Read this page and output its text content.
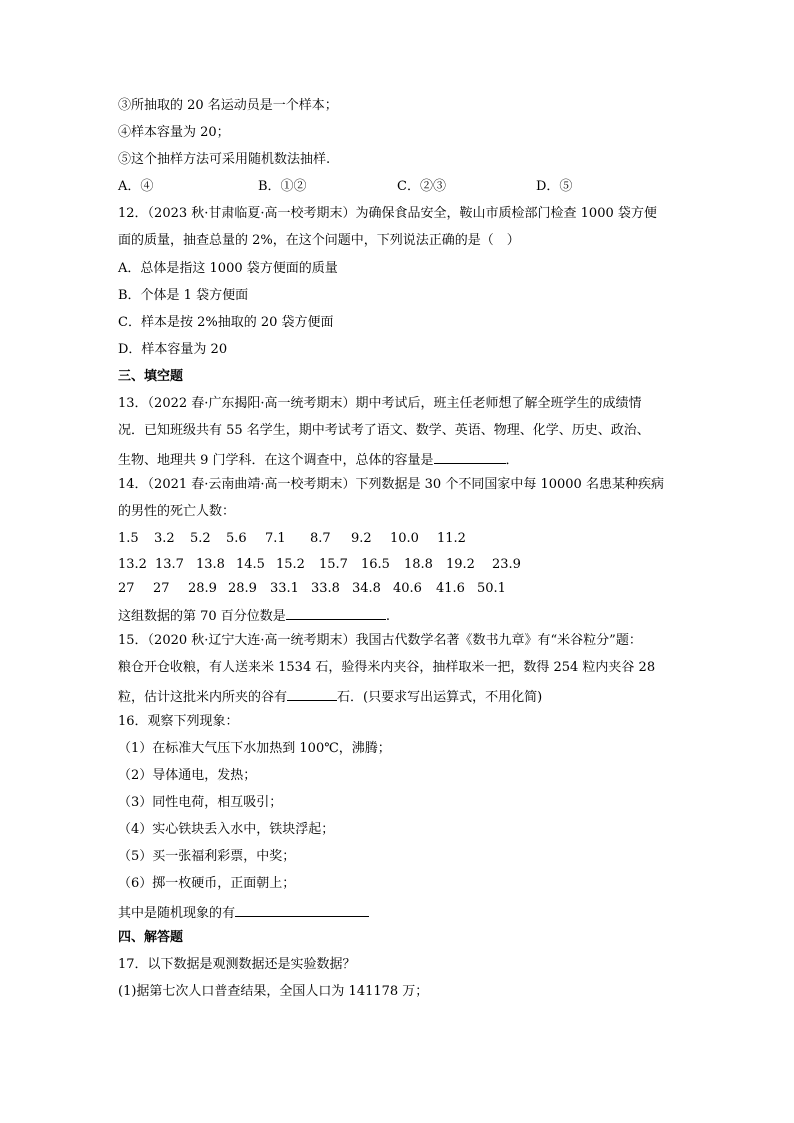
③所抽取的 20 名运动员是一个样本；
④样本容量为 20；
⑤这个抽样方法可采用随机数法抽样.
A．④	B．①②	C．②③	D．⑤
12．（2023 秋·甘肃临夏·高一校考期末）为确保食品安全，鞍山市质检部门检查 1000 袋方便
面的质量，抽查总量的 2%，在这个问题中，下列说法正确的是（　）
A．总体是指这 1000 袋方便面的质量
B．个体是 1 袋方便面
C．样本是按 2%抽取的 20 袋方便面
D．样本容量为 20
三、填空题
13．（2022 春·广东揭阳·高一统考期末）期中考试后，班主任老师想了解全班学生的成绩情
况．已知班级共有 55 名学生，期中考试考了语文、数学、英语、物理、化学、历史、政治、
生物、地理共 9 门学科．在这个调查中，总体的容量是	．
14．（2021 春·云南曲靖·高一校考期末）下列数据是 30 个不同国家中每 10000 名患某种疾病
的男性的死亡人数：
1.5 3.2 5.2 5.6 7.1 8.7 9.2 10.0 11.2
13.2 13.7 13.8 14.5 15.2 15.7 16.5 18.8 19.2 23.9
27 27 28.9 28.9 33.1 33.8 34.8 40.6 41.6 50.1
这组数据的第 70 百分位数是	.
15．（2020 秋·辽宁大连·高一统考期末）我国古代数学名著《数书九章》有“米谷粒分”题：
粮仓开仓收粮，有人送来米 1534 石，验得米内夹谷，抽样取米一把，数得 254 粒内夹谷 28
粒，估计这批米内所夹的谷有	石．(只要求写出运算式，不用化简)
16．观察下列现象：
（1）在标准大气压下水加热到 100℃，沸腾；
（2）导体通电，发热；
（3）同性电荷，相互吸引；
（4）实心铁块丢入水中，铁块浮起；
（5）买一张福利彩票，中奖；
（6）掷一枚硬币，正面朝上；
其中是随机现象的有
四、解答题
17．以下数据是观测数据还是实验数据？
(1)据第七次人口普查结果，全国人口为 141178 万；
